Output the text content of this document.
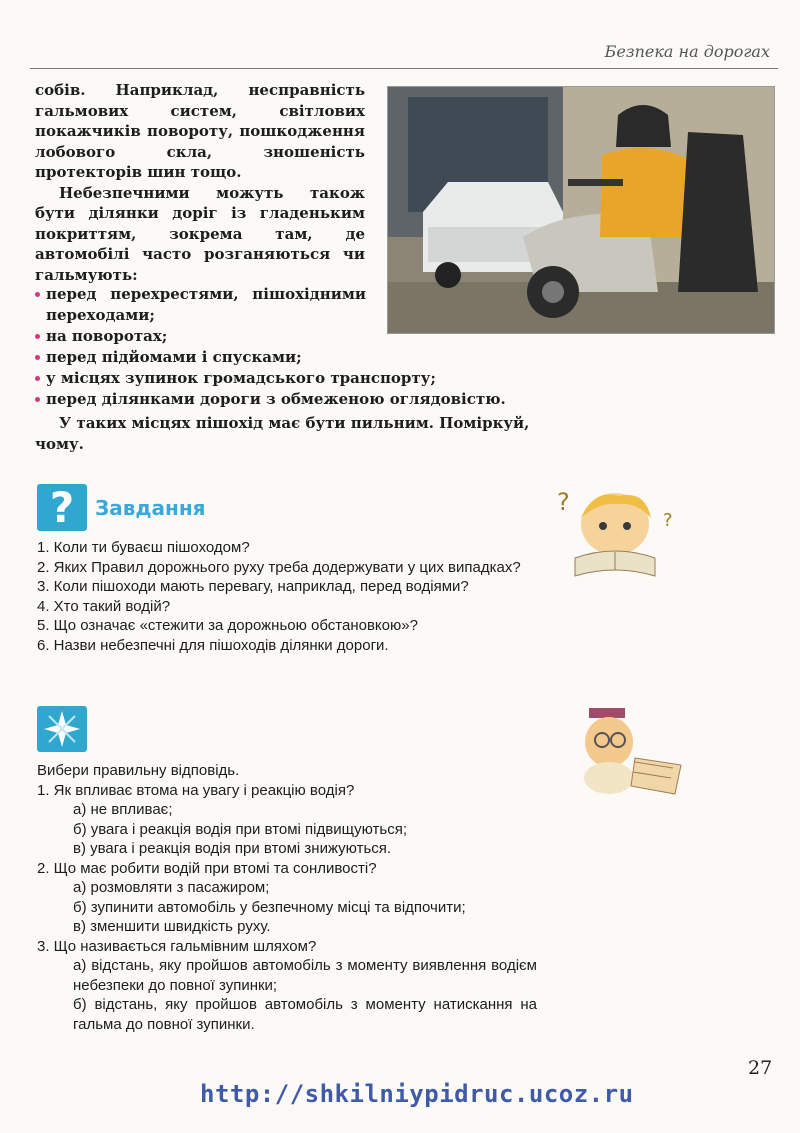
Безпека на дорогах

собів. Наприклад, несправність гальмових систем, світлових покажчиків повороту, пошкодження лобового скла, зношеність протекторів шин тощо.

Небезпечними можуть також бути ділянки доріг із гладеньким покриттям, зокрема там, де автомобілі часто розганяються чи гальмують:

перед перехрестями, пішохідними переходами;
на поворотах;
перед підйомами і спусками;
у місцях зупинок громадського транспорту;
перед ділянками дороги з обмеженою оглядовістю.
У таких місцях пішохід має бути пильним. Поміркуй, чому.
?	Завдання
1. Коли ти буваєш пішоходом?
2. Яких Правил дорожнього руху треба додержувати у цих випадках?
3. Коли пішоходи мають перевагу, наприклад, перед водіями?
4. Хто такий водій?
5. Що означає «стежити за дорожньою обстановкою»?
6. Назви небезпечні для пішоходів ділянки дороги.
?
?
Вибери правильну відповідь.
1. Як впливає втома на увагу і реакцію водія?
а) не впливає;
б) увага і реакція водія при втомі підвищуються;
в) увага і реакція водія при втомі знижуються.
2. Що має робити водій при втомі та сонливості?
а) розмовляти з пасажиром;
б) зупинити автомобіль у безпечному місці та відпочити;
в) зменшити швидкість руху.
3. Що називається гальмівним шляхом?
а) відстань, яку пройшов автомобіль з моменту виявлення водієм небезпеки до повної зупинки;
б) відстань, яку пройшов автомобіль з моменту натискання на гальма до повної зупинки.
27
http://shkilniypidruc.ucoz.ru
